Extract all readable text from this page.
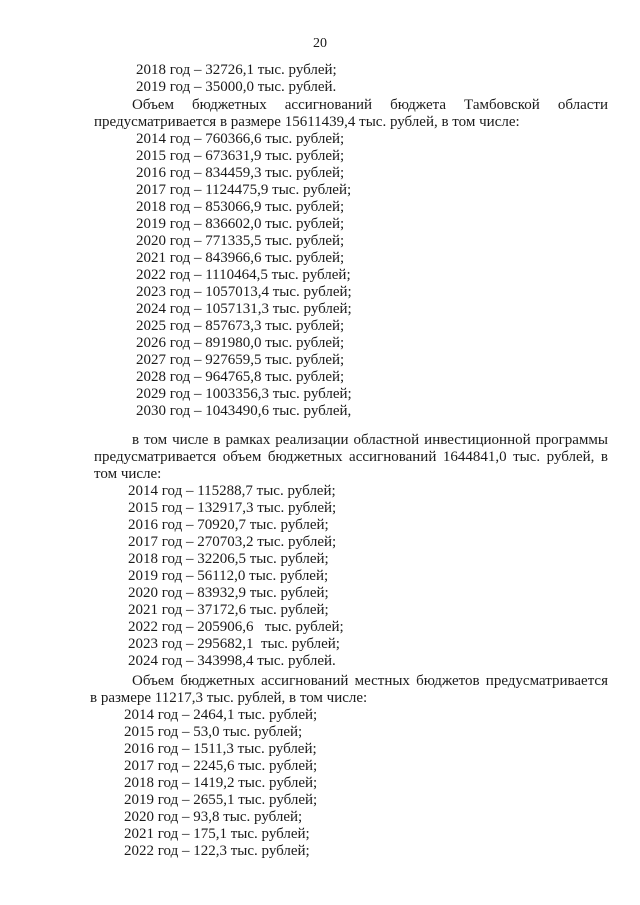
20
2018 год – 32726,1 тыс. рублей;
2019 год – 35000,0 тыс. рублей.
Объем бюджетных ассигнований бюджета Тамбовской области
предусматривается в размере 15611439,4 тыс. рублей, в том числе:
2014 год – 760366,6 тыс. рублей;
2015 год – 673631,9 тыс. рублей;
2016 год – 834459,3 тыс. рублей;
2017 год – 1124475,9 тыс. рублей;
2018 год – 853066,9 тыс. рублей;
2019 год – 836602,0 тыс. рублей;
2020 год – 771335,5 тыс. рублей;
2021 год – 843966,6 тыс. рублей;
2022 год – 1110464,5 тыс. рублей;
2023 год – 1057013,4 тыс. рублей;
2024 год – 1057131,3 тыс. рублей;
2025 год – 857673,3 тыс. рублей;
2026 год – 891980,0 тыс. рублей;
2027 год – 927659,5 тыс. рублей;
2028 год – 964765,8 тыс. рублей;
2029 год – 1003356,3 тыс. рублей;
2030 год – 1043490,6 тыс. рублей,
в том числе в рамках реализации областной инвестиционной программы
предусматривается объем бюджетных ассигнований 1644841,0 тыс. рублей, в
том числе:
2014 год – 115288,7 тыс. рублей;
2015 год – 132917,3 тыс. рублей;
2016 год – 70920,7 тыс. рублей;
2017 год – 270703,2 тыс. рублей;
2018 год – 32206,5 тыс. рублей;
2019 год – 56112,0 тыс. рублей;
2020 год – 83932,9 тыс. рублей;
2021 год – 37172,6 тыс. рублей;
2022 год – 205906,6   тыс. рублей;
2023 год – 295682,1  тыс. рублей;
2024 год – 343998,4 тыс. рублей.
Объем бюджетных ассигнований местных бюджетов предусматривается
в размере 11217,3 тыс. рублей, в том числе:
2014 год – 2464,1 тыс. рублей;
2015 год – 53,0 тыс. рублей;
2016 год – 1511,3 тыс. рублей;
2017 год – 2245,6 тыс. рублей;
2018 год – 1419,2 тыс. рублей;
2019 год – 2655,1 тыс. рублей;
2020 год – 93,8 тыс. рублей;
2021 год – 175,1 тыс. рублей;
2022 год – 122,3 тыс. рублей;
